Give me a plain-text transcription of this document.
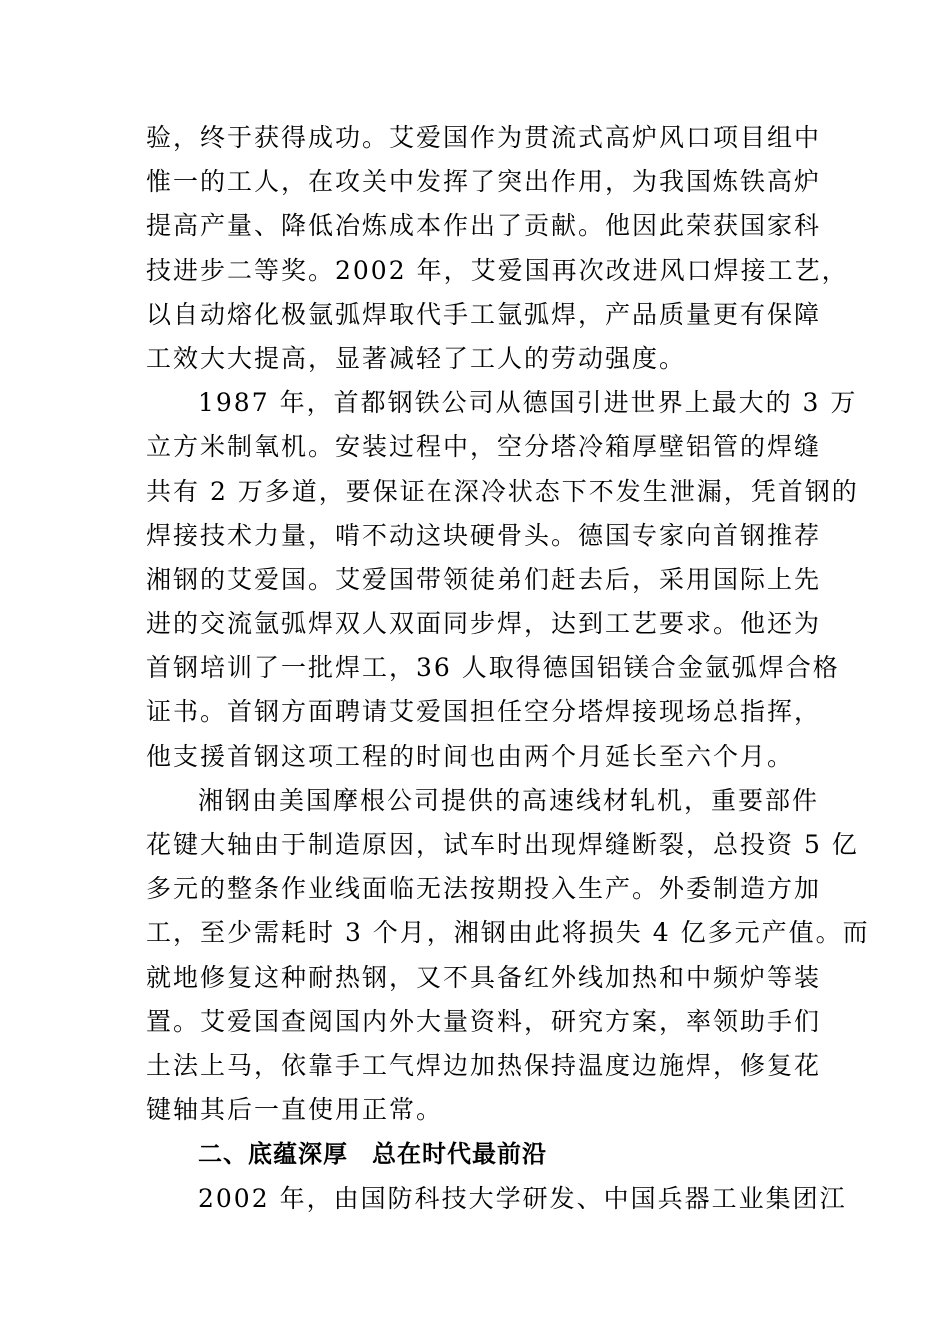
验，终于获得成功。艾爱国作为贯流式高炉风口项目组中
惟一的工人，在攻关中发挥了突出作用，为我国炼铁高炉
提高产量、降低冶炼成本作出了贡献。他因此荣获国家科
技进步二等奖。2002 年，艾爱国再次改进风口焊接工艺，
以自动熔化极氩弧焊取代手工氩弧焊，产品质量更有保障
工效大大提高，显著减轻了工人的劳动强度。
1987 年，首都钢铁公司从德国引进世界上最大的 3 万
立方米制氧机。安装过程中，空分塔冷箱厚壁铝管的焊缝
共有 2 万多道，要保证在深冷状态下不发生泄漏，凭首钢的
焊接技术力量，啃不动这块硬骨头。德国专家向首钢推荐
湘钢的艾爱国。艾爱国带领徒弟们赶去后，采用国际上先
进的交流氩弧焊双人双面同步焊，达到工艺要求。他还为
首钢培训了一批焊工，36 人取得德国铝镁合金氩弧焊合格
证书。首钢方面聘请艾爱国担任空分塔焊接现场总指挥，
他支援首钢这项工程的时间也由两个月延长至六个月。
湘钢由美国摩根公司提供的高速线材轧机，重要部件
花键大轴由于制造原因，试车时出现焊缝断裂，总投资 5 亿
多元的整条作业线面临无法按期投入生产。外委制造方加
工，至少需耗时 3 个月，湘钢由此将损失 4 亿多元产值。而
就地修复这种耐热钢，又不具备红外线加热和中频炉等装
置。艾爱国查阅国内外大量资料，研究方案，率领助手们
土法上马，依靠手工气焊边加热保持温度边施焊，修复花
键轴其后一直使用正常。
二、底蕴深厚 总在时代最前沿
2002 年，由国防科技大学研发、中国兵器工业集团江
